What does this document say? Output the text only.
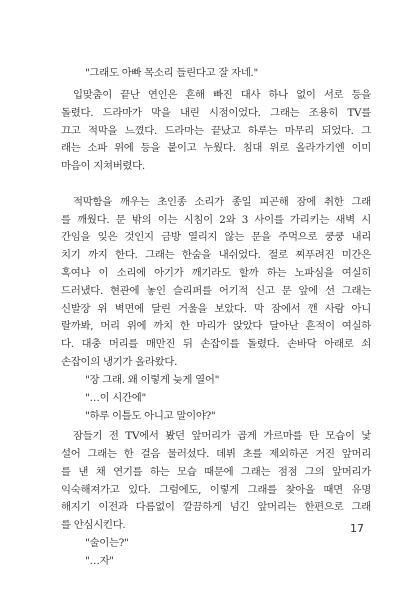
"그래도 아빠 목소리 들린다고 잘 자네."
입맞춤이 끝난 연인은 흔해 빠진 대사 하나 없이 서로 등을
돌렸다. 드라마가 막을 내린 시점이었다. 그래는 조용히 TV를
끄고 적막을 느꼈다. 드라마는 끝났고 하루는 마무리 되었다. 그
래는 소파 위에 등을 붙이고 누웠다. 침대 위로 올라가기엔 이미
마음이 지쳐버렸다.
적막함을 깨우는 초인종 소리가 종일 피곤해 잠에 취한 그래
를 깨웠다. 문 밖의 이는 시침이 2와 3 사이를 가리키는 새벽 시
간임을 잊은 것인지 금방 열리지 않는 문을 주먹으로 쿵쿵 내리
치기 까지 한다. 그래는 한숨을 내쉬었다. 절로 찌푸려진 미간은
혹여나 이 소리에 아기가 깨기라도 할까 하는 노파심을 여실히
드러냈다. 현관에 놓인 슬리퍼를 어기적 신고 문 앞에 선 그래는
신발장 위 벽면에 달린 거울을 보았다. 막 잠에서 깬 사람 아니
랄까봐, 머리 위에 까치 한 마리가 앉았다 달아난 흔적이 여실하
다. 대충 머리를 매만진 뒤 손잡이를 돌렸다. 손바닥 아래로 쇠
손잡이의 냉기가 올라왔다.
"장 그래. 왜 이렇게 늦게 열어"
"…이 시간에"
"하루 이틀도 아니고 말이야?"
잠들기 전 TV에서 봤던 앞머리가 곱게 가르마를 탄 모습이 낯
설어 그래는 한 걸음 물러섰다. 데뷔 초를 제외하곤 거진 앞머리
를 낸 채 연기를 하는 모습 때문에 그래는 점점 그의 앞머리가
익숙해져가고 있다. 그럼에도, 이렇게 그래를 찾아올 때면 유명
해지기 이전과 다름없이 깔끔하게 넘긴 앞머리는 한편으로 그래
를 안심시킨다.
"술이는?"
"…자"
17
